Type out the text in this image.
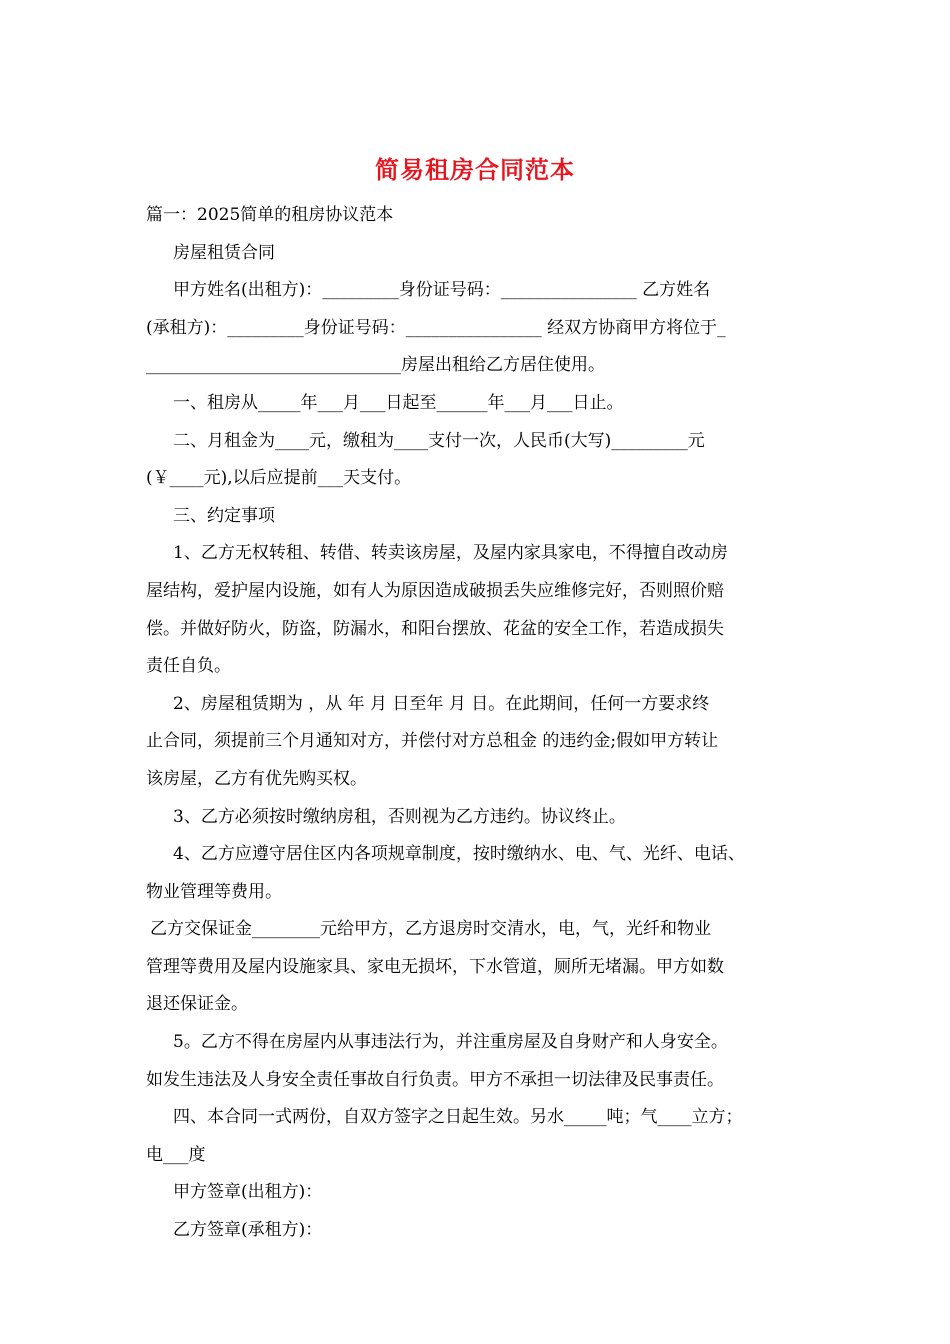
简易租房合同范本

篇一：2025简单的租房协议范本

房屋租赁合同

甲方姓名(出租方)：_________身份证号码：________________ 乙方姓名

(承租方)：_________身份证号码：________________ 经双方协商甲方将位于_

______________________________房屋出租给乙方居住使用。

一、租房从_____年___月___日起至______年___月___日止。

二、月租金为____元，缴租为____支付一次，人民币(大写)_________元

(￥____元),以后应提前___天支付。

三、约定事项

1、乙方无权转租、转借、转卖该房屋，及屋内家具家电，不得擅自改动房

屋结构，爱护屋内设施，如有人为原因造成破损丢失应维修完好，否则照价赔

偿。并做好防火，防盗，防漏水，和阳台摆放、花盆的安全工作，若造成损失

责任自负。

2、房屋租赁期为 ，从 年 月 日至年 月 日。在此期间，任何一方要求终

止合同，须提前三个月通知对方，并偿付对方总租金 的违约金;假如甲方转让

该房屋，乙方有优先购买权。

3、乙方必须按时缴纳房租，否则视为乙方违约。协议终止。

4、乙方应遵守居住区内各项规章制度，按时缴纳水、电、气、光纤、电话、

物业管理等费用。

乙方交保证金________元给甲方，乙方退房时交清水，电，气，光纤和物业

管理等费用及屋内设施家具、家电无损坏，下水管道，厕所无堵漏。甲方如数

退还保证金。

5。乙方不得在房屋内从事违法行为，并注重房屋及自身财产和人身安全。

如发生违法及人身安全责任事故自行负责。甲方不承担一切法律及民事责任。

四、本合同一式两份，自双方签字之日起生效。另水_____吨；气____立方；

电___度

甲方签章(出租方)：

乙方签章(承租方)：
